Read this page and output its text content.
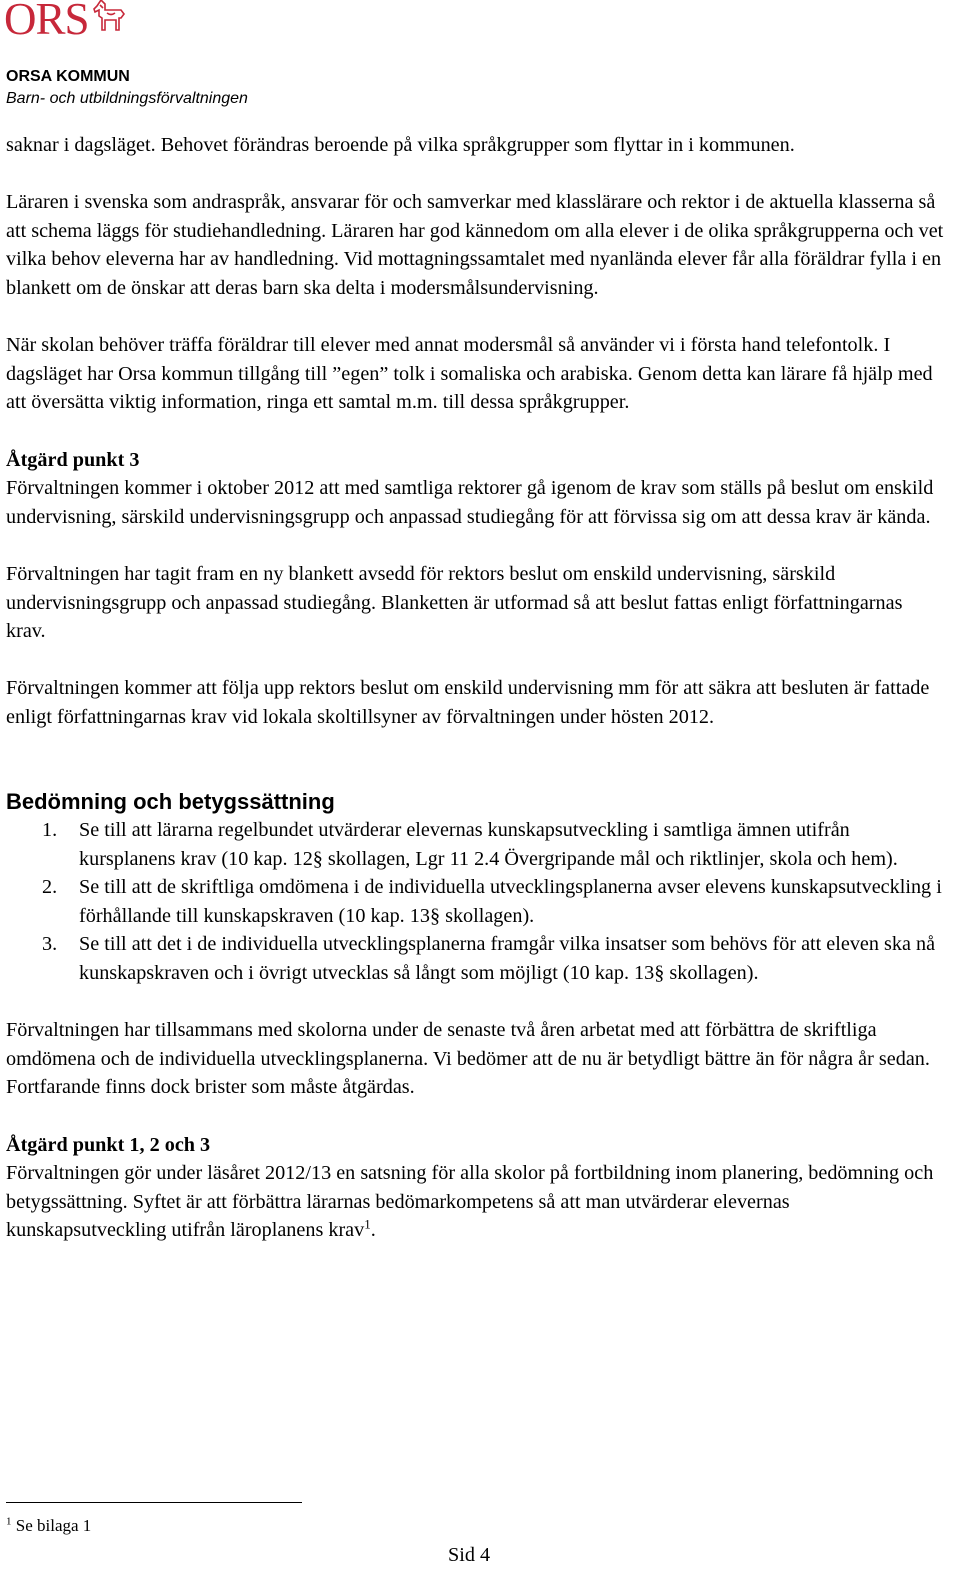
ORS
ORSA KOMMUN
Barn- och utbildningsförvaltningen

saknar i dagsläget. Behovet förändras beroende på vilka språkgrupper som flyttar in i kommunen.

Läraren i svenska som andraspråk, ansvarar för och samverkar med klasslärare och rektor i de aktuella klasserna så att schema läggs för studiehandledning. Läraren har god kännedom om alla elever i de olika språkgrupperna och vet vilka behov eleverna har av handledning. Vid mottagningssamtalet med nyanlända elever får alla föräldrar fylla i en blankett om de önskar att deras barn ska delta i modersmålsundervisning.

När skolan behöver träffa föräldrar till elever med annat modersmål så använder vi i första hand telefontolk. I dagsläget har Orsa kommun tillgång till ”egen” tolk i somaliska och arabiska. Genom detta kan lärare få hjälp med att översätta viktig information, ringa ett samtal m.m. till dessa språkgrupper.

Åtgärd punkt 3

Förvaltningen kommer i oktober 2012 att med samtliga rektorer gå igenom de krav som ställs på beslut om enskild undervisning, särskild undervisningsgrupp och anpassad studiegång för att förvissa sig om att dessa krav är kända.

Förvaltningen har tagit fram en ny blankett avsedd för rektors beslut om enskild undervisning, särskild undervisningsgrupp och anpassad studiegång. Blanketten är utformad så att beslut fattas enligt författningarnas krav.

Förvaltningen kommer att följa upp rektors beslut om enskild undervisning mm för att säkra att besluten är fattade enligt författningarnas krav vid lokala skoltillsyner av förvaltningen under hösten 2012.

Bedömning och betygssättning
1. Se till att lärarna regelbundet utvärderar elevernas kunskapsutveckling i samtliga ämnen utifrån kursplanens krav (10 kap. 12§ skollagen, Lgr 11 2.4 Övergripande mål och riktlinjer, skola och hem).
2. Se till att de skriftliga omdömena i de individuella utvecklingsplanerna avser elevens kunskapsutveckling i förhållande till kunskapskraven (10 kap. 13§ skollagen).
3. Se till att det i de individuella utvecklingsplanerna framgår vilka insatser som behövs för att eleven ska nå kunskapskraven och i övrigt utvecklas så långt som möjligt (10 kap. 13§ skollagen).

Förvaltningen har tillsammans med skolorna under de senaste två åren arbetat med att förbättra de skriftliga omdömena och de individuella utvecklingsplanerna. Vi bedömer att de nu är betydligt bättre än för några år sedan. Fortfarande finns dock brister som måste åtgärdas.

Åtgärd punkt 1, 2 och 3

Förvaltningen gör under läsåret 2012/13 en satsning för alla skolor på fortbildning inom planering, bedömning och betygssättning. Syftet är att förbättra lärarnas bedömarkompetens så att man utvärderar elevernas kunskapsutveckling utifrån läroplanens krav$^1$.

$^1$ Se bilaga 1
Sid 4
